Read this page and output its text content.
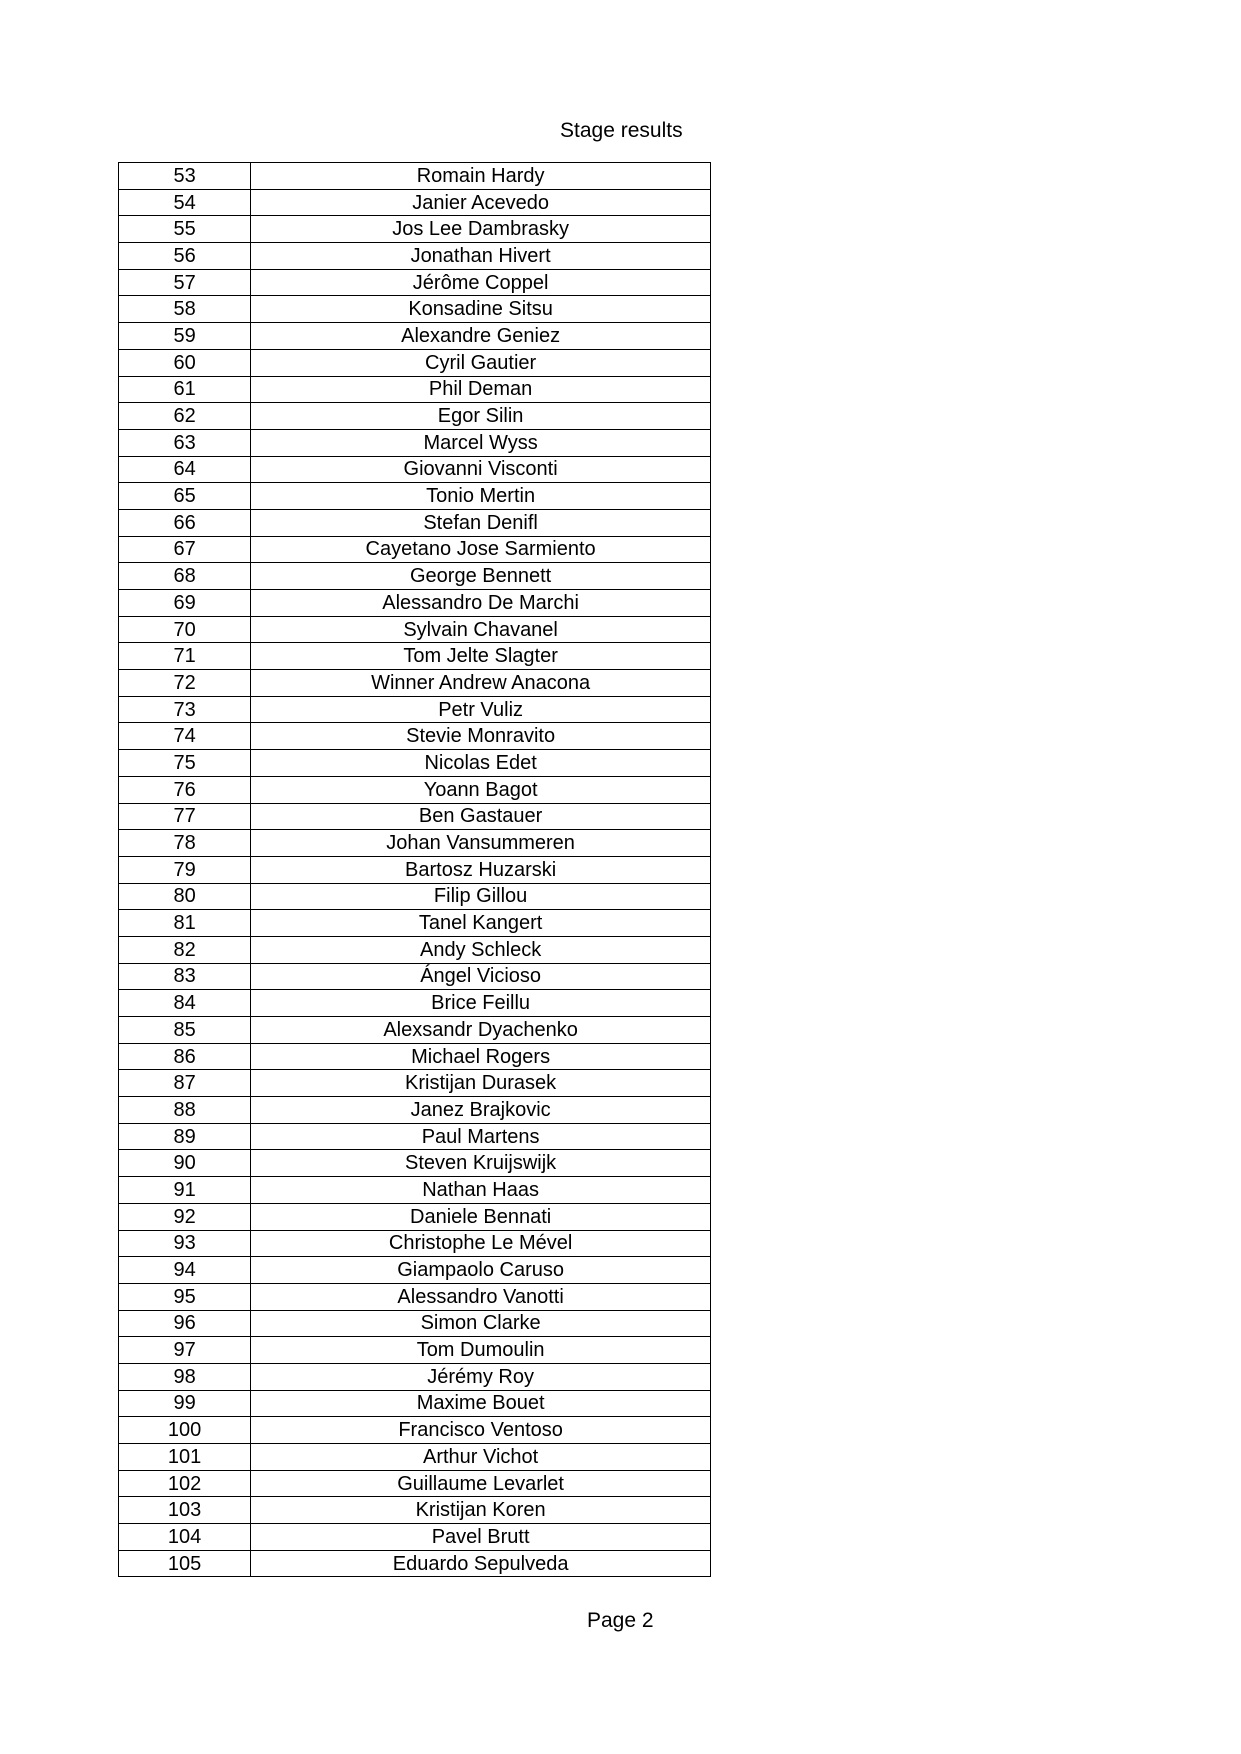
Stage results
53	Romain Hardy
54	Janier Acevedo
55	Jos Lee Dambrasky
56	Jonathan Hivert
57	Jérôme Coppel
58	Konsadine Sitsu
59	Alexandre Geniez
60	Cyril Gautier
61	Phil Deman
62	Egor Silin
63	Marcel Wyss
64	Giovanni Visconti
65	Tonio Mertin
66	Stefan Denifl
67	Cayetano Jose Sarmiento
68	George Bennett
69	Alessandro De Marchi
70	Sylvain Chavanel
71	Tom Jelte Slagter
72	Winner Andrew Anacona
73	Petr Vuliz
74	Stevie Monravito
75	Nicolas Edet
76	Yoann Bagot
77	Ben Gastauer
78	Johan Vansummeren
79	Bartosz Huzarski
80	Filip Gillou
81	Tanel Kangert
82	Andy Schleck
83	Ángel Vicioso
84	Brice Feillu
85	Alexsandr Dyachenko
86	Michael Rogers
87	Kristijan Durasek
88	Janez Brajkovic
89	Paul Martens
90	Steven Kruijswijk
91	Nathan Haas
92	Daniele Bennati
93	Christophe Le Mével
94	Giampaolo Caruso
95	Alessandro Vanotti
96	Simon Clarke
97	Tom Dumoulin
98	Jérémy Roy
99	Maxime Bouet
100	Francisco Ventoso
101	Arthur Vichot
102	Guillaume Levarlet
103	Kristijan Koren
104	Pavel Brutt
105	Eduardo Sepulveda
Page 2
